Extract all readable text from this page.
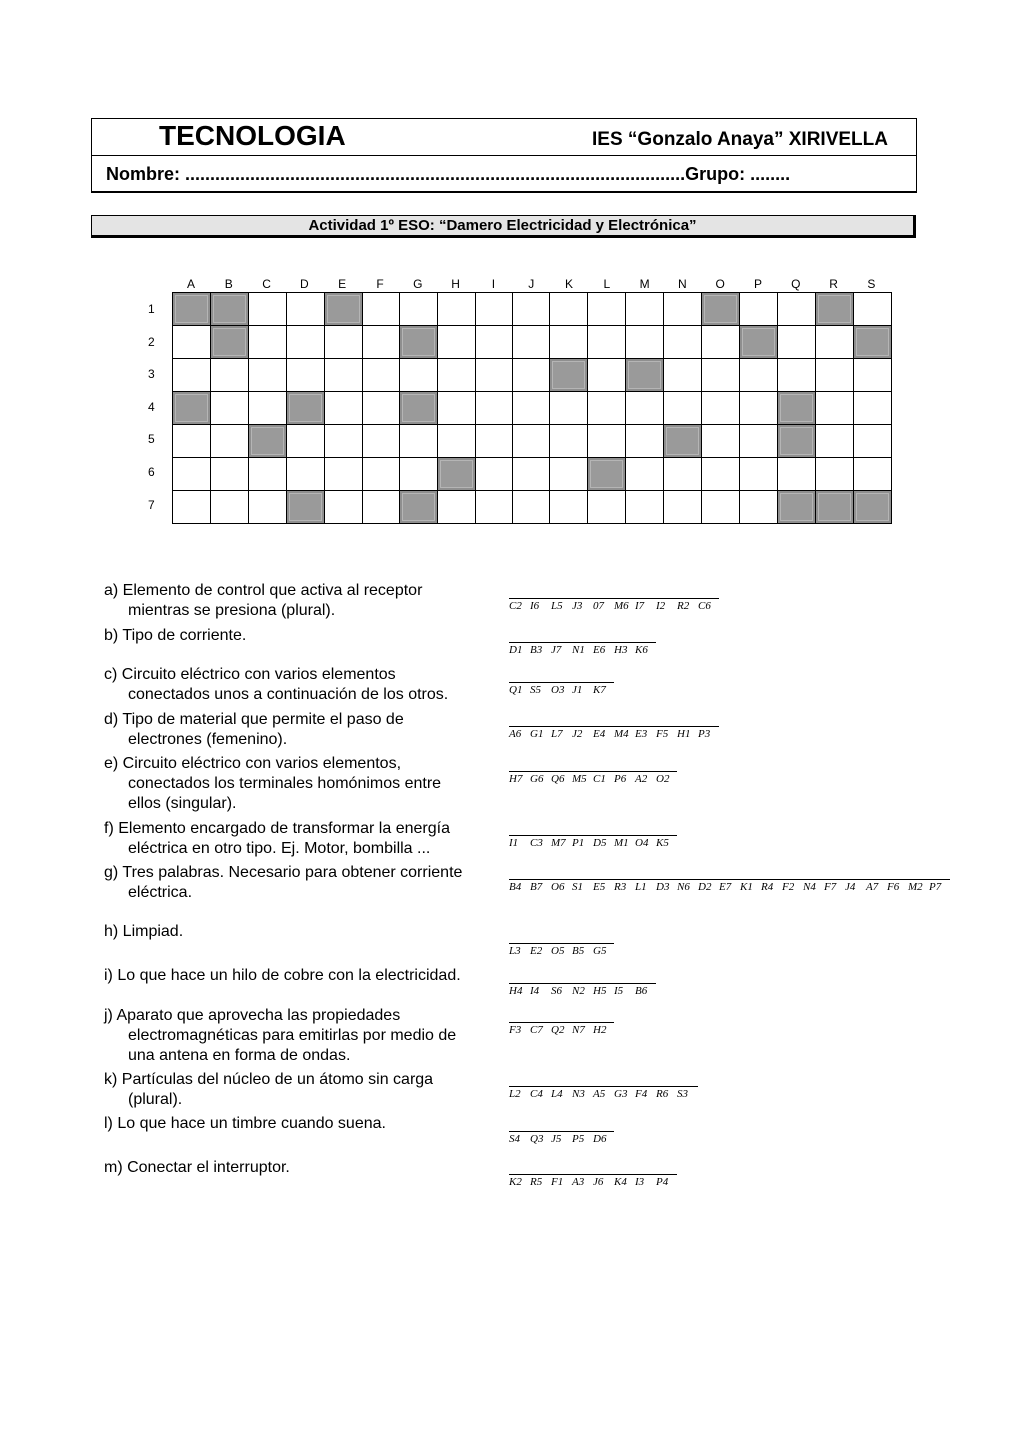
TECNOLOGIA	IES “Gonzalo Anaya” XIRIVELLA
Nombre: ....................................................................................................Grupo: ........
Actividad 1º ESO: “Damero Electricidad y Electrónica”
A	B	C	D	E	F	G	H	I	J	K	L	M	N	O	P	Q	R	S
1
2
3
4
5
6
7

a) Elemento de control que activa al receptor
mientras se presiona (plural).	C2 I6	L5 J3 07 M6 I7	I2	R2 C6
b) Tipo de corriente.
D1 B3 J7 N1 E6 H3 K6
c) Circuito eléctrico con varios elementos
conectados unos a continuación de los otros.	Q1 S5 O3 J1 K7
d) Tipo de material que permite el paso de
electrones (femenino).	A6 G1 L7 J2 E4 M4 E3 F5 H1 P3
e) Circuito eléctrico con varios elementos,
conectados los terminales homónimos entre
ellos (singular).
H7 G6 Q6 M5 C1 P6 A2 O2
f) Elemento encargado de transformar la energía
eléctrica en otro tipo. Ej. Motor, bombilla ...	I1	C3 M7 P1 D5 M1 O4 K5
g) Tres palabras. Necesario para obtener corriente
eléctrica.	B4 B7 O6 S1 E5 R3 L1 D3 N6 D2 E7 K1 R4 F2 N4 F7 J4 A7 F6 M2 P7
h) Limpiad.
L3 E2 O5 B5 G5
i) Lo que hace un hilo de cobre con la electricidad.
H4 I4	S6 N2 H5 I5	B6
j) Aparato que aprovecha las propiedades
electromagnéticas para emitirlas por medio de
una antena en forma de ondas.
F3 C7 Q2 N7 H2
k) Partículas del núcleo de un átomo sin carga
(plural).	L2 C4 L4 N3 A5 G3 F4 R6 S3
l) Lo que hace un timbre cuando suena.
S4 Q3 J5 P5 D6
m) Conectar el interruptor.
K2 R5 F1 A3 J6 K4 I3	P4
